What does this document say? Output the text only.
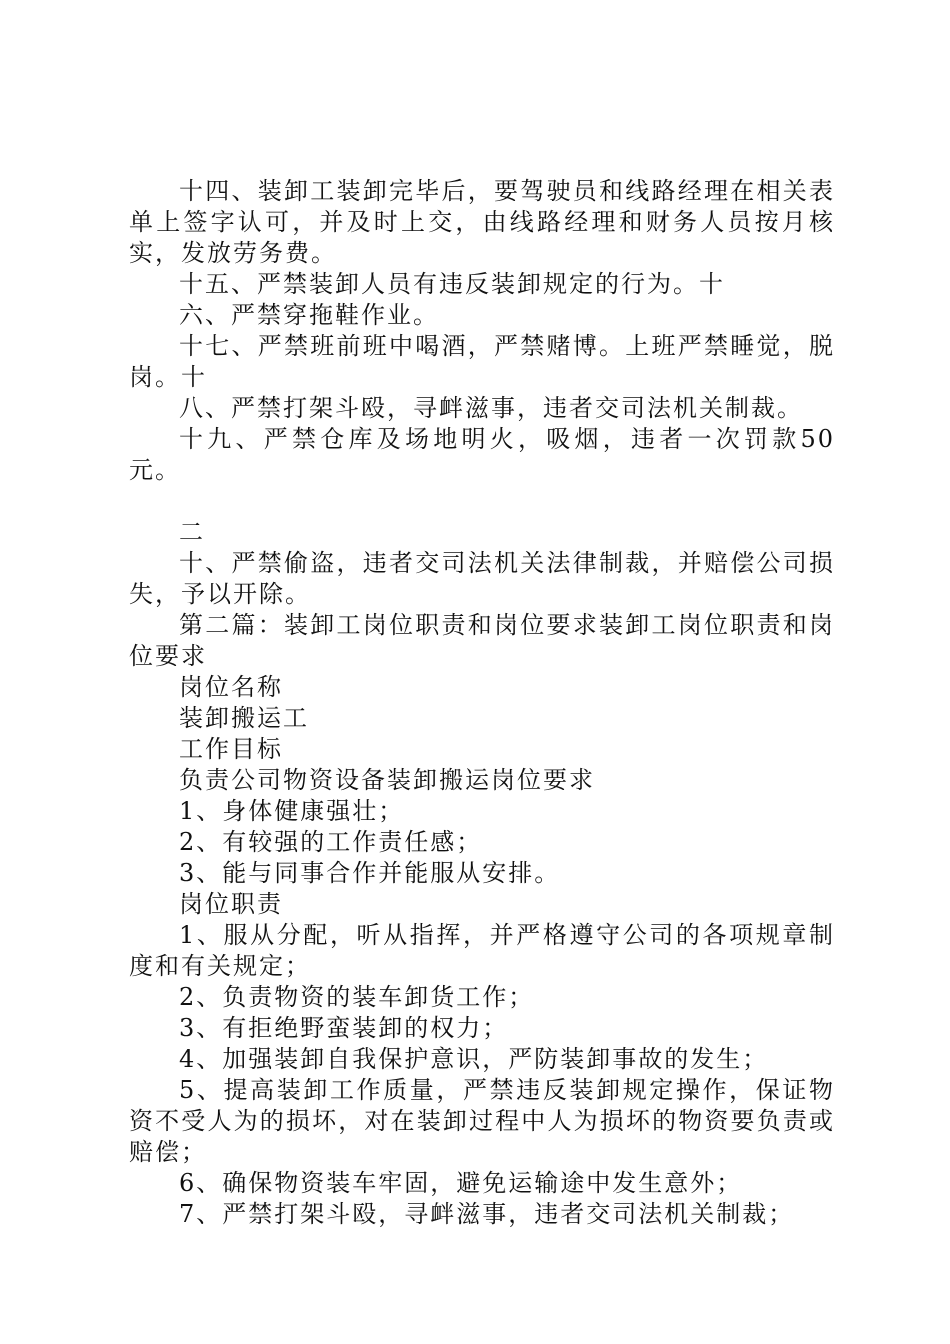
十四、装卸工装卸完毕后，要驾驶员和线路经理在相关表单上签字认可，并及时上交，由线路经理和财务人员按月核实，发放劳务费。

十五、严禁装卸人员有违反装卸规定的行为。十

六、严禁穿拖鞋作业。

十七、严禁班前班中喝酒，严禁赌博。上班严禁睡觉，脱岗。十

八、严禁打架斗殴，寻衅滋事，违者交司法机关制裁。

十九、严禁仓库及场地明火，吸烟，违者一次罚款50元。

二

十、严禁偷盗，违者交司法机关法律制裁，并赔偿公司损失，予以开除。

第二篇：装卸工岗位职责和岗位要求装卸工岗位职责和岗位要求

岗位名称

装卸搬运工

工作目标

负责公司物资设备装卸搬运岗位要求

1、身体健康强壮；

2、有较强的工作责任感；

3、能与同事合作并能服从安排。

岗位职责

1、服从分配，听从指挥，并严格遵守公司的各项规章制度和有关规定；

2、负责物资的装车卸货工作；

3、有拒绝野蛮装卸的权力；

4、加强装卸自我保护意识，严防装卸事故的发生；

5、提高装卸工作质量，严禁违反装卸规定操作，保证物资不受人为的损坏，对在装卸过程中人为损坏的物资要负责或赔偿；

6、确保物资装车牢固，避免运输途中发生意外；

7、严禁打架斗殴，寻衅滋事，违者交司法机关制裁；
